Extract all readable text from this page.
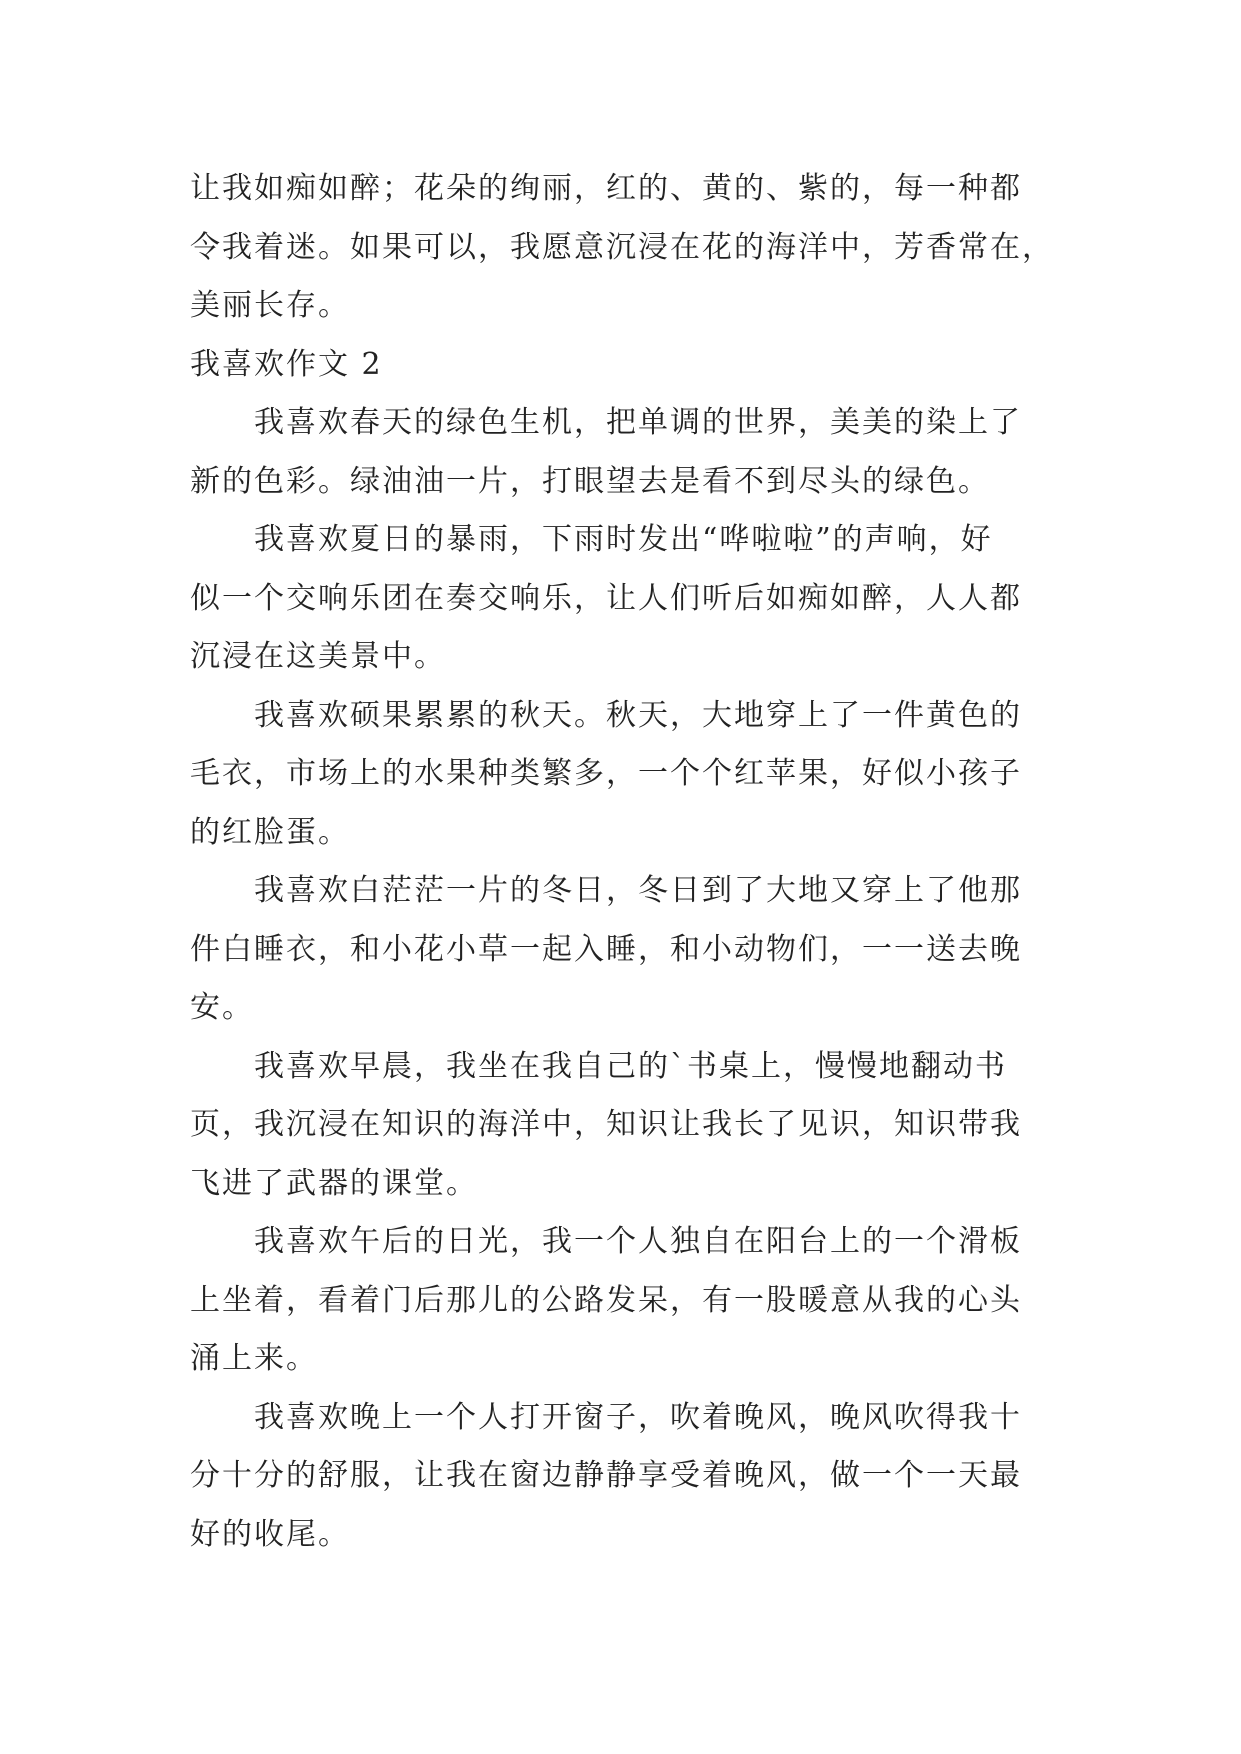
让我如痴如醉；花朵的绚丽，红的、黄的、紫的，每一种都
令我着迷。如果可以，我愿意沉浸在花的海洋中，芳香常在，
美丽长存。
我喜欢作文 2
我喜欢春天的绿色生机，把单调的世界，美美的染上了
新的色彩。绿油油一片，打眼望去是看不到尽头的绿色。
我喜欢夏日的暴雨，下雨时发出“哗啦啦”的声响，好
似一个交响乐团在奏交响乐，让人们听后如痴如醉，人人都
沉浸在这美景中。
我喜欢硕果累累的秋天。秋天，大地穿上了一件黄色的
毛衣，市场上的水果种类繁多，一个个红苹果，好似小孩子
的红脸蛋。
我喜欢白茫茫一片的冬日，冬日到了大地又穿上了他那
件白睡衣，和小花小草一起入睡，和小动物们，一一送去晚
安。
我喜欢早晨，我坐在我自己的`书桌上，慢慢地翻动书
页，我沉浸在知识的海洋中，知识让我长了见识，知识带我
飞进了武器的课堂。
我喜欢午后的日光，我一个人独自在阳台上的一个滑板
上坐着，看着门后那儿的公路发呆，有一股暖意从我的心头
涌上来。
我喜欢晚上一个人打开窗子，吹着晚风，晚风吹得我十
分十分的舒服，让我在窗边静静享受着晚风，做一个一天最
好的收尾。
